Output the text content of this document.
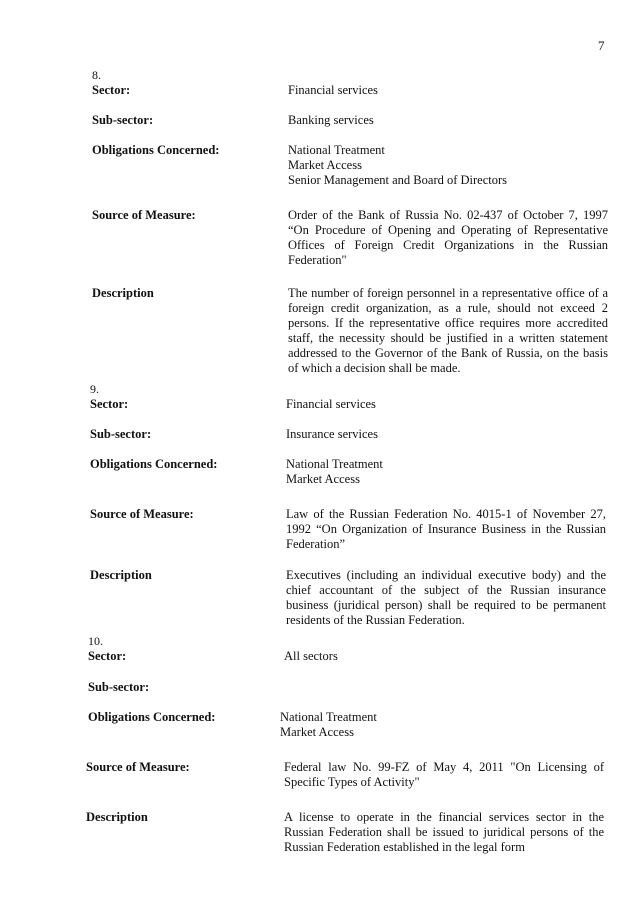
7
8.
Sector:	Financial services
Sub-sector:	Banking services
Obligations Concerned:	National Treatment
Market Access
Senior Management and Board of Directors
Source of Measure:	Order of the Bank of Russia No. 02-437 of October 7, 1997 “On Procedure of Opening and Operating of Representative Offices of Foreign Credit Organizations in the Russian Federation"
Description	The number of foreign personnel in a representative office of a foreign credit organization, as a rule, should not exceed 2 persons. If the representative office requires more accredited staff, the necessity should be justified in a written statement addressed to the Governor of the Bank of Russia, on the basis of which a decision shall be made.
9.
Sector:	Financial services
Sub-sector:	Insurance services
Obligations Concerned:	National Treatment
Market Access
Source of Measure:	Law of the Russian Federation No. 4015-1 of November 27, 1992 “On Organization of Insurance Business in the Russian Federation”
Description	Executives (including an individual executive body) and the chief accountant of the subject of the Russian insurance business (juridical person) shall be required to be permanent residents of the Russian Federation.
10.
Sector:	All sectors
Sub-sector:
Obligations Concerned:	National Treatment
Market Access
Source of Measure:	Federal law No. 99-FZ of May 4, 2011 "On Licensing of Specific Types of Activity"
Description	A license to operate in the financial services sector in the Russian Federation shall be issued to juridical persons of the Russian Federation established in the legal form
